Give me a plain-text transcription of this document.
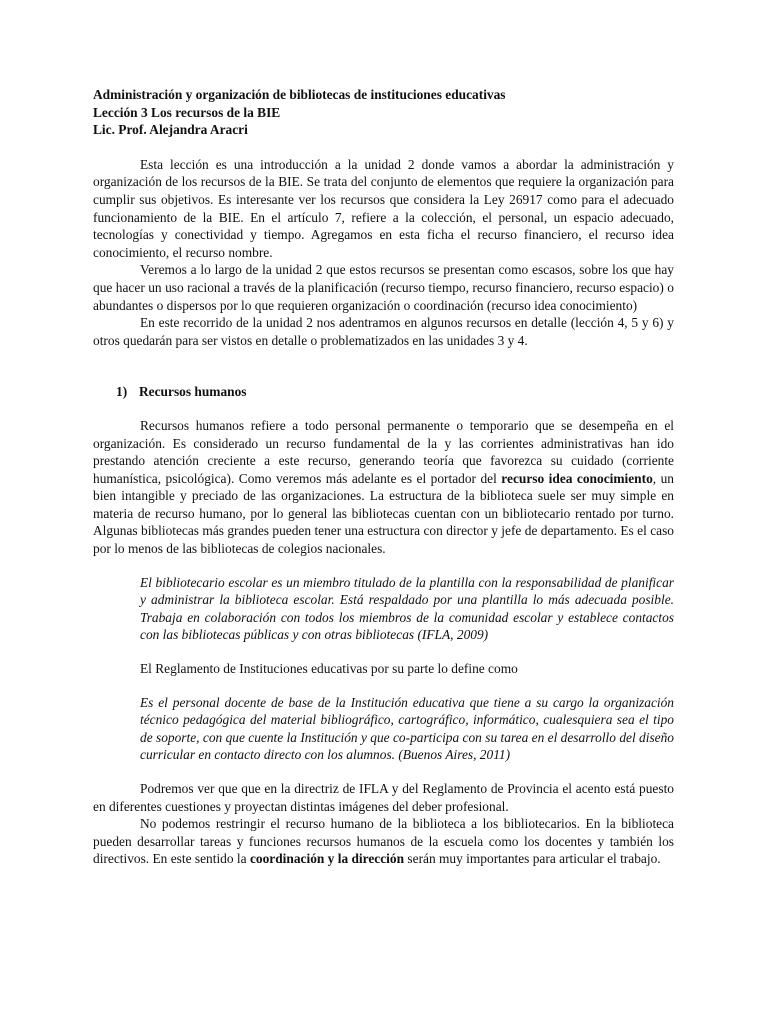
Administración y organización de bibliotecas de instituciones educativas
Lección 3 Los recursos de la BIE
Lic. Prof. Alejandra Aracri

Esta lección es una introducción a la unidad 2 donde vamos a abordar la administración y organización de los recursos de la BIE. Se trata del conjunto de elementos que requiere la organización para cumplir sus objetivos. Es interesante ver los recursos que considera la Ley 26917 como para el adecuado funcionamiento de la BIE. En el artículo 7, refiere a la colección, el personal, un espacio adecuado, tecnologías y conectividad y tiempo. Agregamos en esta ficha el recurso financiero, el recurso idea conocimiento, el recurso nombre.

Veremos a lo largo de la unidad 2 que estos recursos se presentan como escasos, sobre los que hay que hacer un uso racional a través de la planificación (recurso tiempo, recurso financiero, recurso espacio) o abundantes o dispersos por lo que requieren organización o coordinación (recurso idea conocimiento)

En este recorrido de la unidad 2 nos adentramos en algunos recursos en detalle (lección 4, 5 y 6) y otros quedarán para ser vistos en detalle o problematizados en las unidades 3 y 4.

1) Recursos humanos

Recursos humanos refiere a todo personal permanente o temporario que se desempeña en el organización. Es considerado un recurso fundamental de la y las corrientes administrativas han ido prestando atención creciente a este recurso, generando teoría que favorezca su cuidado (corriente humanística, psicológica). Como veremos más adelante es el portador del recurso idea conocimiento, un bien intangible y preciado de las organizaciones. La estructura de la biblioteca suele ser muy simple en materia de recurso humano, por lo general las bibliotecas cuentan con un bibliotecario rentado por turno. Algunas bibliotecas más grandes pueden tener una estructura con director y jefe de departamento. Es el caso por lo menos de las bibliotecas de colegios nacionales.

El bibliotecario escolar es un miembro titulado de la plantilla con la responsabilidad de planificar y administrar la biblioteca escolar. Está respaldado por una plantilla lo más adecuada posible. Trabaja en colaboración con todos los miembros de la comunidad escolar y establece contactos con las bibliotecas públicas y con otras bibliotecas (IFLA, 2009)

El Reglamento de Instituciones educativas por su parte lo define como

Es el personal docente de base de la Institución educativa que tiene a su cargo la organización técnico pedagógica del material bibliográfico, cartográfico, informático, cualesquiera sea el tipo de soporte, con que cuente la Institución y que co-participa con su tarea en el desarrollo del diseño curricular en contacto directo con los alumnos. (Buenos Aires, 2011)

Podremos ver que que en la directriz de IFLA y del Reglamento de Provincia el acento está puesto en diferentes cuestiones y proyectan distintas imágenes del deber profesional.

No podemos restringir el recurso humano de la biblioteca a los bibliotecarios. En la biblioteca pueden desarrollar tareas y funciones recursos humanos de la escuela como los docentes y también los directivos. En este sentido la coordinación y la dirección serán muy importantes para articular el trabajo.
